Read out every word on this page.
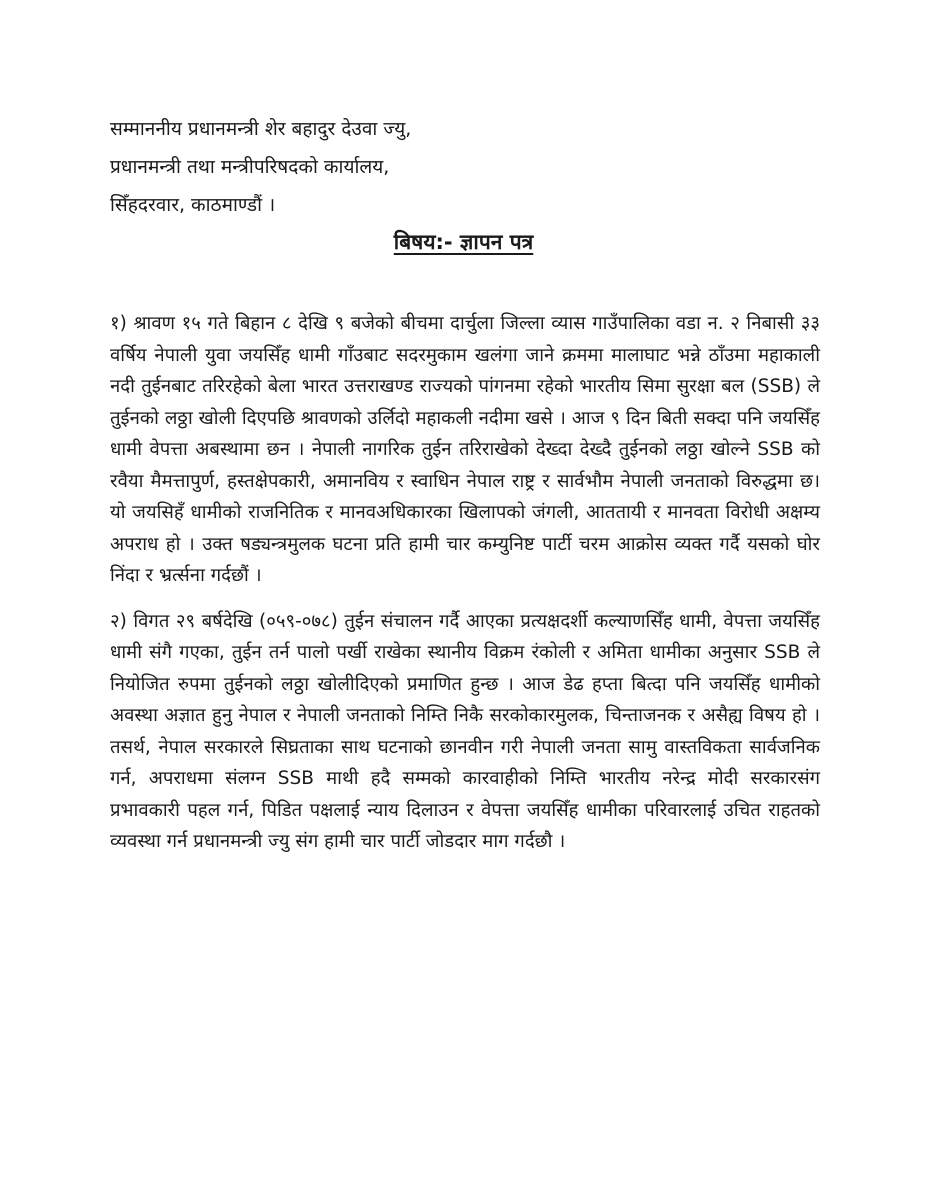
सम्माननीय प्रधानमन्त्री शेर बहादुर देउवा ज्यु,
प्रधानमन्त्री तथा मन्त्रीपरिषदको कार्यालय,
सिँहदरवार, काठमाण्डौं ।
बिषय:- ज्ञापन पत्र

१) श्रावण १५ गते बिहान ८ देखि ९ बजेको बीचमा दार्चुला जिल्ला व्यास गाउँपालिका वडा न. २ निबासी ३३ वर्षिय नेपाली युवा जयसिँह धामी गाँउबाट सदरमुकाम खलंगा जाने क्रममा मालाघाट भन्ने ठाँउमा महाकाली नदी तुईनबाट तरिरहेको बेला भारत उत्तराखण्ड राज्यको पांगनमा रहेको भारतीय सिमा सुरक्षा बल (SSB) ले तुईनको लठ्ठा खोली दिएपछि श्रावणको उर्लिदो महाकली नदीमा खसे । आज ९ दिन बिती सक्दा पनि जयसिँह धामी वेपत्ता अबस्थामा छन । नेपाली नागरिक तुईन तरिराखेको देख्दा देख्दै तुईनको लठ्ठा खोल्ने SSB को रवैया मैमत्तापुर्ण, हस्तक्षेपकारी, अमानविय र स्वाधिन नेपाल राष्ट्र र सार्वभौम नेपाली जनताको विरुद्धमा छ। यो जयसिहँ धामीको राजनितिक र मानवअधिकारका खिलापको जंगली, आततायी र मानवता विरोधी अक्षम्य अपराध हो । उक्त षड्यन्त्रमुलक घटना प्रति हामी चार कम्युनिष्ट पार्टी चरम आक्रोस व्यक्त गर्दै यसको घोर निंदा र भ्रर्त्सना गर्दछौं ।

२) विगत २९ बर्षदेखि (०५९-०७८) तुईन संचालन गर्दै आएका प्रत्यक्षदर्शी कल्याणसिँह धामी, वेपत्ता जयसिँह धामी संगै गएका, तुईन तर्न पालो पर्खी राखेका स्थानीय विक्रम रंकोली र अमिता धामीका अनुसार SSB ले नियोजित रुपमा तुईनको लठ्ठा खोलीदिएको प्रमाणित हुन्छ । आज डेढ हप्ता बित्दा पनि जयसिँह धामीको अवस्था अज्ञात हुनु नेपाल र नेपाली जनताको निम्ति निकै सरकोकारमुलक, चिन्ताजनक र असैह्य विषय हो । तसर्थ, नेपाल सरकारले सिघ्रताका साथ घटनाको छानवीन गरी नेपाली जनता सामु वास्तविकता सार्वजनिक गर्न, अपराधमा संलग्न SSB माथी हदै सम्मको कारवाहीको निम्ति भारतीय नरेन्द्र मोदी सरकारसंग प्रभावकारी पहल गर्न, पिडित पक्षलाई न्याय दिलाउन र वेपत्ता जयसिँह धामीका परिवारलाई उचित राहतको व्यवस्था गर्न प्रधानमन्त्री ज्यु संग हामी चार पार्टी जोडदार माग गर्दछौ ।
